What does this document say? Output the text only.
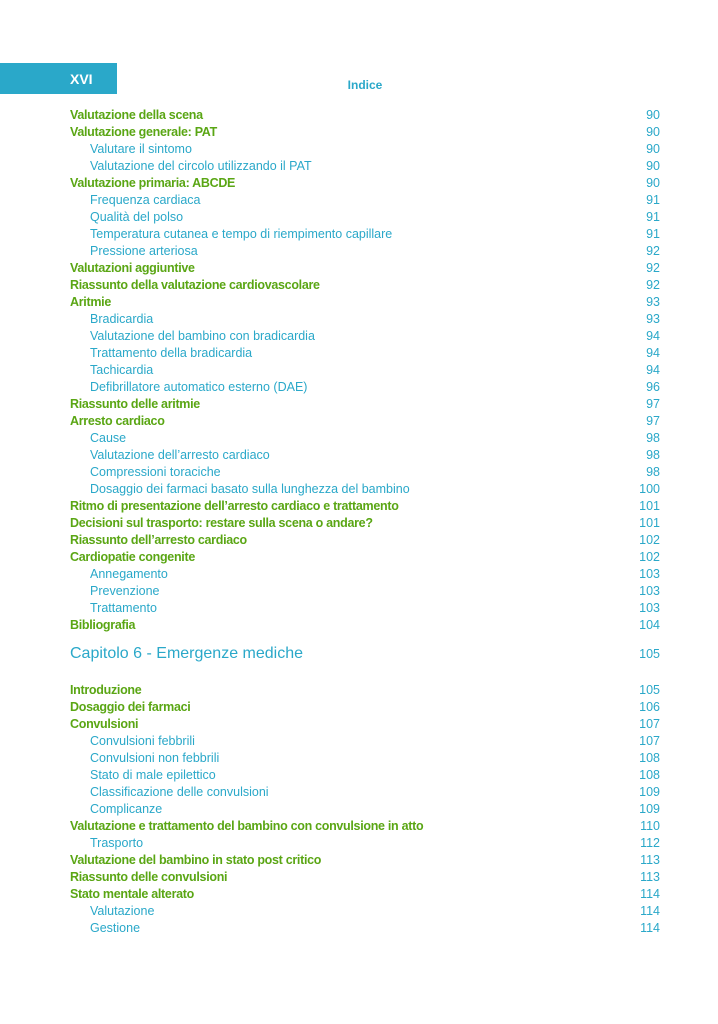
XVI	Indice
Valutazione della scena	90
Valutazione generale: PAT	90
Valutare il sintomo	90
Valutazione del circolo utilizzando il PAT	90
Valutazione primaria: ABCDE	90
Frequenza cardiaca	91
Qualità del polso	91
Temperatura cutanea e tempo di riempimento capillare	91
Pressione arteriosa	92
Valutazioni aggiuntive	92
Riassunto della valutazione cardiovascolare	92
Aritmie	93
Bradicardia	93
Valutazione del bambino con bradicardia	94
Trattamento della bradicardia	94
Tachicardia	94
Defibrillatore automatico esterno (DAE)	96
Riassunto delle aritmie	97
Arresto cardiaco	97
Cause	98
Valutazione dell’arresto cardiaco	98
Compressioni toraciche	98
Dosaggio dei farmaci basato sulla lunghezza del bambino	100
Ritmo di presentazione dell’arresto cardiaco e trattamento	101
Decisioni sul trasporto: restare sulla scena o andare?	101
Riassunto dell’arresto cardiaco	102
Cardiopatie congenite	102
Annegamento	103
Prevenzione	103
Trattamento	103
Bibliografia	104
Capitolo 6 - Emergenze mediche	105
Introduzione	105
Dosaggio dei farmaci	106
Convulsioni	107
Convulsioni febbrili	107
Convulsioni non febbrili	108
Stato di male epilettico	108
Classificazione delle convulsioni	109
Complicanze	109
Valutazione e trattamento del bambino con convulsione in atto	110
Trasporto	112
Valutazione del bambino in stato post critico	113
Riassunto delle convulsioni	113
Stato mentale alterato	114
Valutazione	114
Gestione	114
